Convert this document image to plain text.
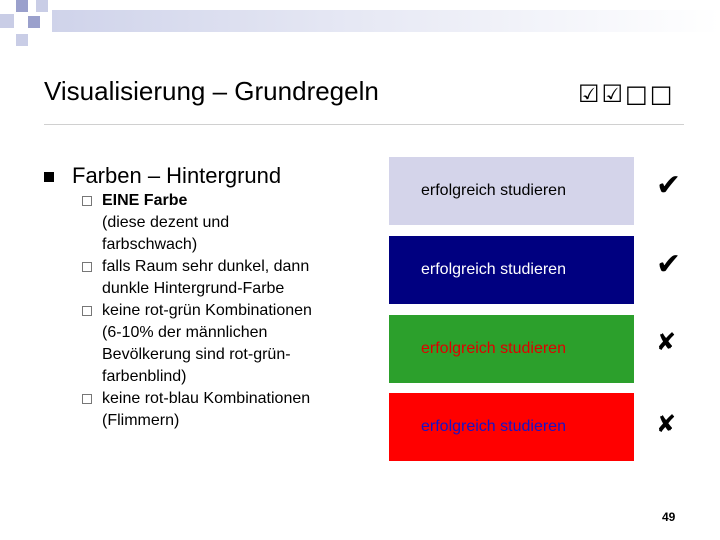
Visualisierung – Grundregeln	☑☑□□
Farben – Hintergrund
EINE Farbe
(diese dezent und
farbschwach)
falls Raum sehr dunkel, dann
dunkle Hintergrund-Farbe
keine rot-grün Kombinationen
(6-10% der männlichen
Bevölkerung sind rot-grün-
farbenblind)
keine rot-blau Kombinationen
(Flimmern)
erfolgreich studieren	✔
erfolgreich studieren	✔
erfolgreich studieren	✘
erfolgreich studieren	✘
49
